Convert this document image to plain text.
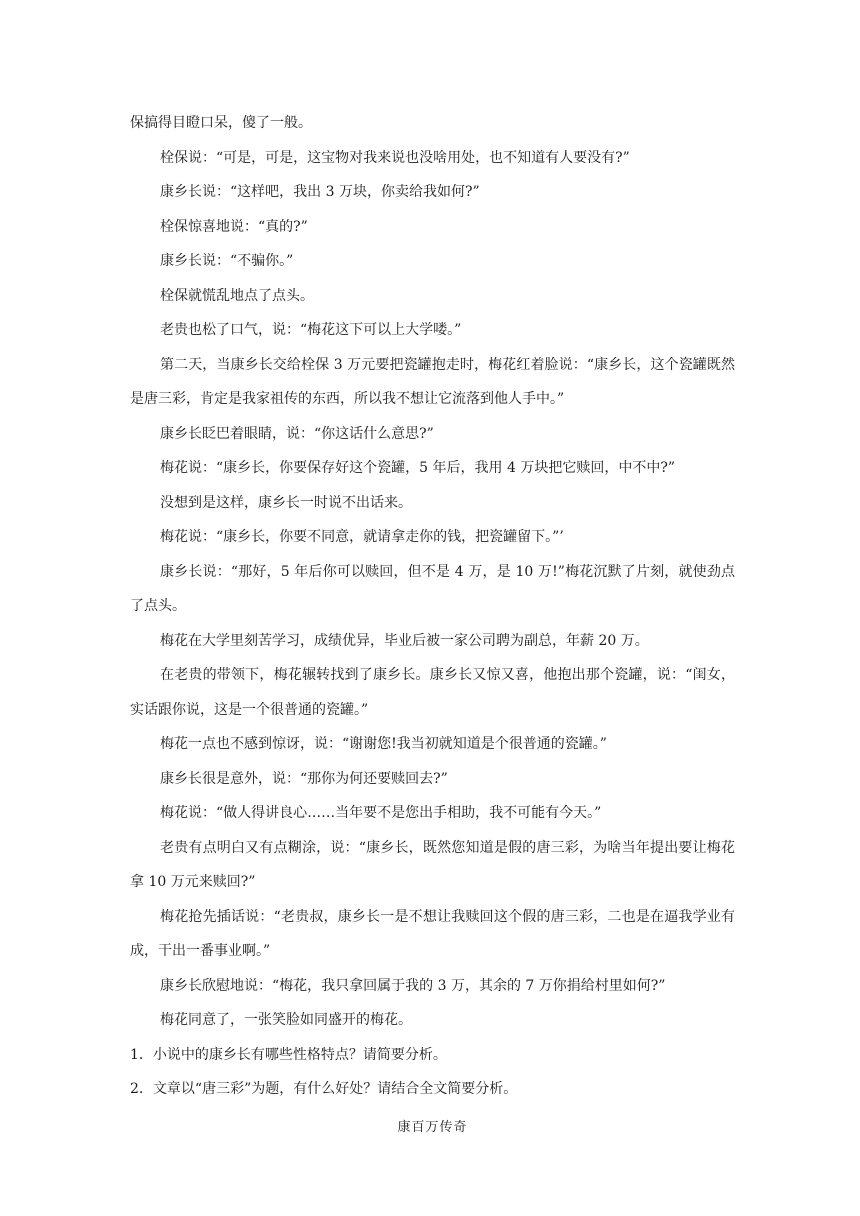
保搞得目瞪口呆，傻了一般。

栓保说：“可是，可是，这宝物对我来说也没啥用处，也不知道有人要没有?”

康乡长说：“这样吧，我出 3 万块，你卖给我如何?”

栓保惊喜地说：“真的?”

康乡长说：“不骗你。”

栓保就慌乱地点了点头。

老贵也松了口气，说：“梅花这下可以上大学喽。”

第二天，当康乡长交给栓保 3 万元要把瓷罐抱走时，梅花红着脸说：“康乡长，这个瓷罐既然是唐三彩，肯定是我家祖传的东西，所以我不想让它流落到他人手中。”

康乡长眨巴着眼睛，说：“你这话什么意思?”

梅花说：“康乡长，你要保存好这个瓷罐，5 年后，我用 4 万块把它赎回，中不中?”

没想到是这样，康乡长一时说不出话来。

梅花说：“康乡长，你要不同意，就请拿走你的钱，把瓷罐留下。”’

康乡长说：“那好，5 年后你可以赎回，但不是 4 万，是 10 万!”梅花沉默了片刻，就使劲点了点头。

梅花在大学里刻苦学习，成绩优异，毕业后被一家公司聘为副总，年薪 20 万。

在老贵的带领下，梅花辗转找到了康乡长。康乡长又惊又喜，他抱出那个瓷罐，说：“闺女，实话跟你说，这是一个很普通的瓷罐。”

梅花一点也不感到惊讶，说：“谢谢您!我当初就知道是个很普通的瓷罐。”

康乡长很是意外，说：“那你为何还要赎回去?”

梅花说：“做人得讲良心……当年要不是您出手相助，我不可能有今天。”

老贵有点明白又有点糊涂，说：“康乡长，既然您知道是假的唐三彩，为啥当年提出要让梅花拿 10 万元来赎回?”

梅花抢先插话说：“老贵叔，康乡长一是不想让我赎回这个假的唐三彩，二也是在逼我学业有成，干出一番事业啊。”

康乡长欣慰地说：“梅花，我只拿回属于我的 3 万，其余的 7 万你捐给村里如何?”

梅花同意了，一张笑脸如同盛开的梅花。

1．小说中的康乡长有哪些性格特点？请简要分析。

2．文章以“唐三彩”为题，有什么好处？请结合全文简要分析。

康百万传奇
